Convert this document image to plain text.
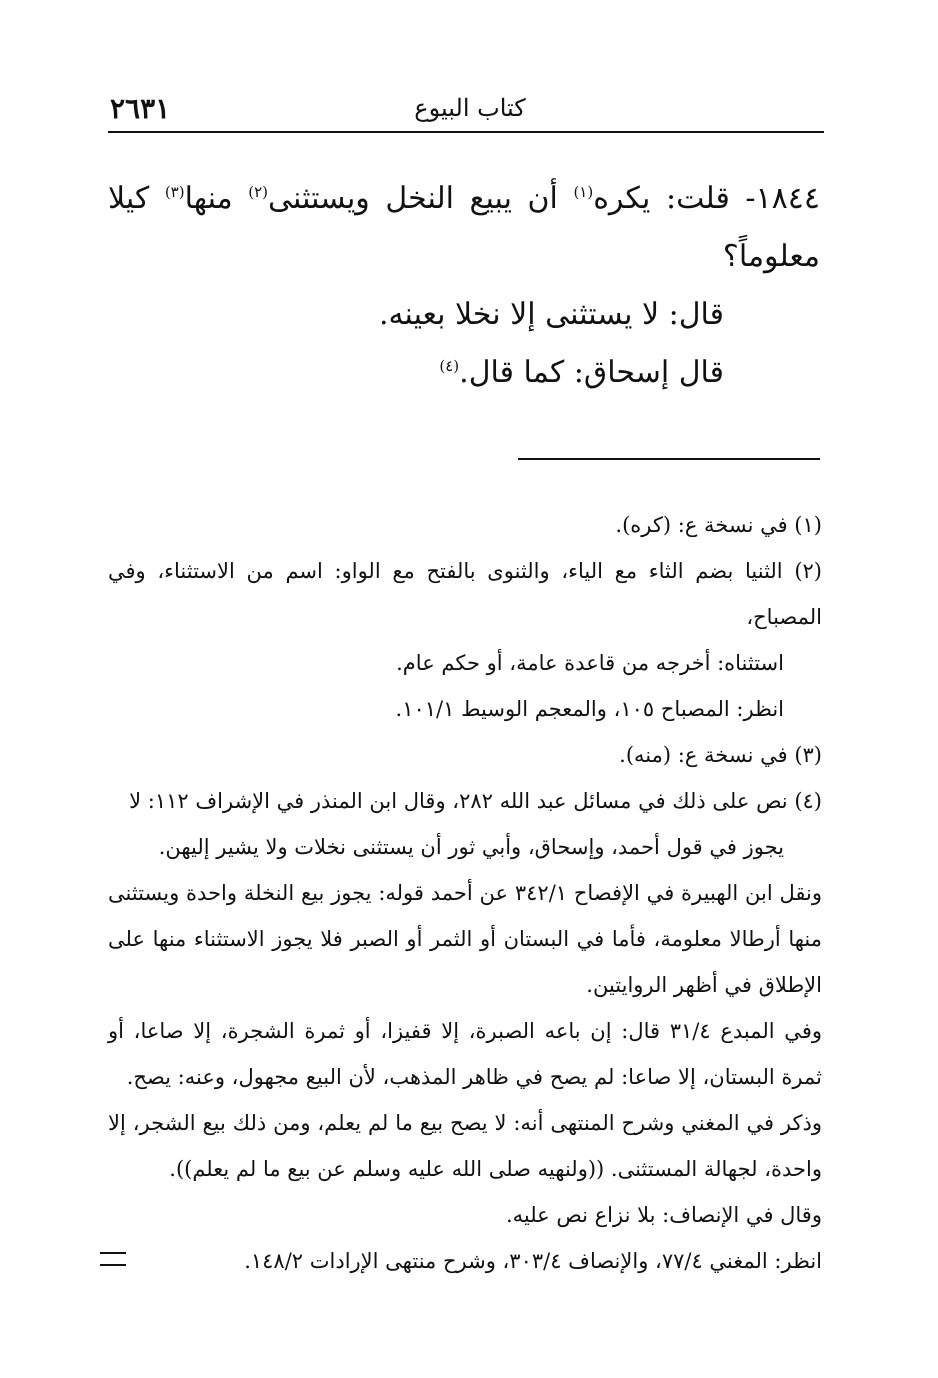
٢٦٣١	كتاب البيوع

١٨٤٤- قلت: يكره$^{(١)}$ أن يبيع النخل ويستثنى$^{(٢)}$ منها$^{(٣)}$ كيلا معلوماً؟

قال: لا يستثنى إلا نخلا بعينه.

قال إسحاق: كما قال.$^{(٤)}$

(١) في نسخة ع: (كره).

(٢) الثنيا بضم الثاء مع الياء، والثنوى بالفتح مع الواو: اسم من الاستثناء، وفي المصباح،

استثناه: أخرجه من قاعدة عامة، أو حكم عام.

انظر: المصباح ١٠٥، والمعجم الوسيط ١٠١/١.

(٣) في نسخة ع: (منه).

(٤) نص على ذلك في مسائل عبد الله ٢٨٢، وقال ابن المنذر في الإشراف ١١٢: لا

يجوز في قول أحمد، وإسحاق، وأبي ثور أن يستثنى نخلات ولا يشير إليهن.

ونقل ابن الهبيرة في الإفصاح ٣٤٢/١ عن أحمد قوله: يجوز بيع النخلة واحدة ويستثنى منها أرطالا معلومة، فأما في البستان أو الثمر أو الصبر فلا يجوز الاستثناء منها على الإطلاق في أظهر الروايتين.

وفي المبدع ٣١/٤ قال: إن باعه الصبرة، إلا قفيزا، أو ثمرة الشجرة، إلا صاعا، أو ثمرة البستان، إلا صاعا: لم يصح في ظاهر المذهب، لأن البيع مجهول، وعنه: يصح.

وذكر في المغني وشرح المنتهى أنه: لا يصح بيع ما لم يعلم، ومن ذلك بيع الشجر، إلا واحدة، لجهالة المستثنى. ((ولنهيه صلى الله عليه وسلم عن بيع ما لم يعلم)).

وقال في الإنصاف: بلا نزاع نص عليه.

انظر: المغني ٧٧/٤، والإنصاف ٣٠٣/٤، وشرح منتهى الإرادات ١٤٨/٢.
